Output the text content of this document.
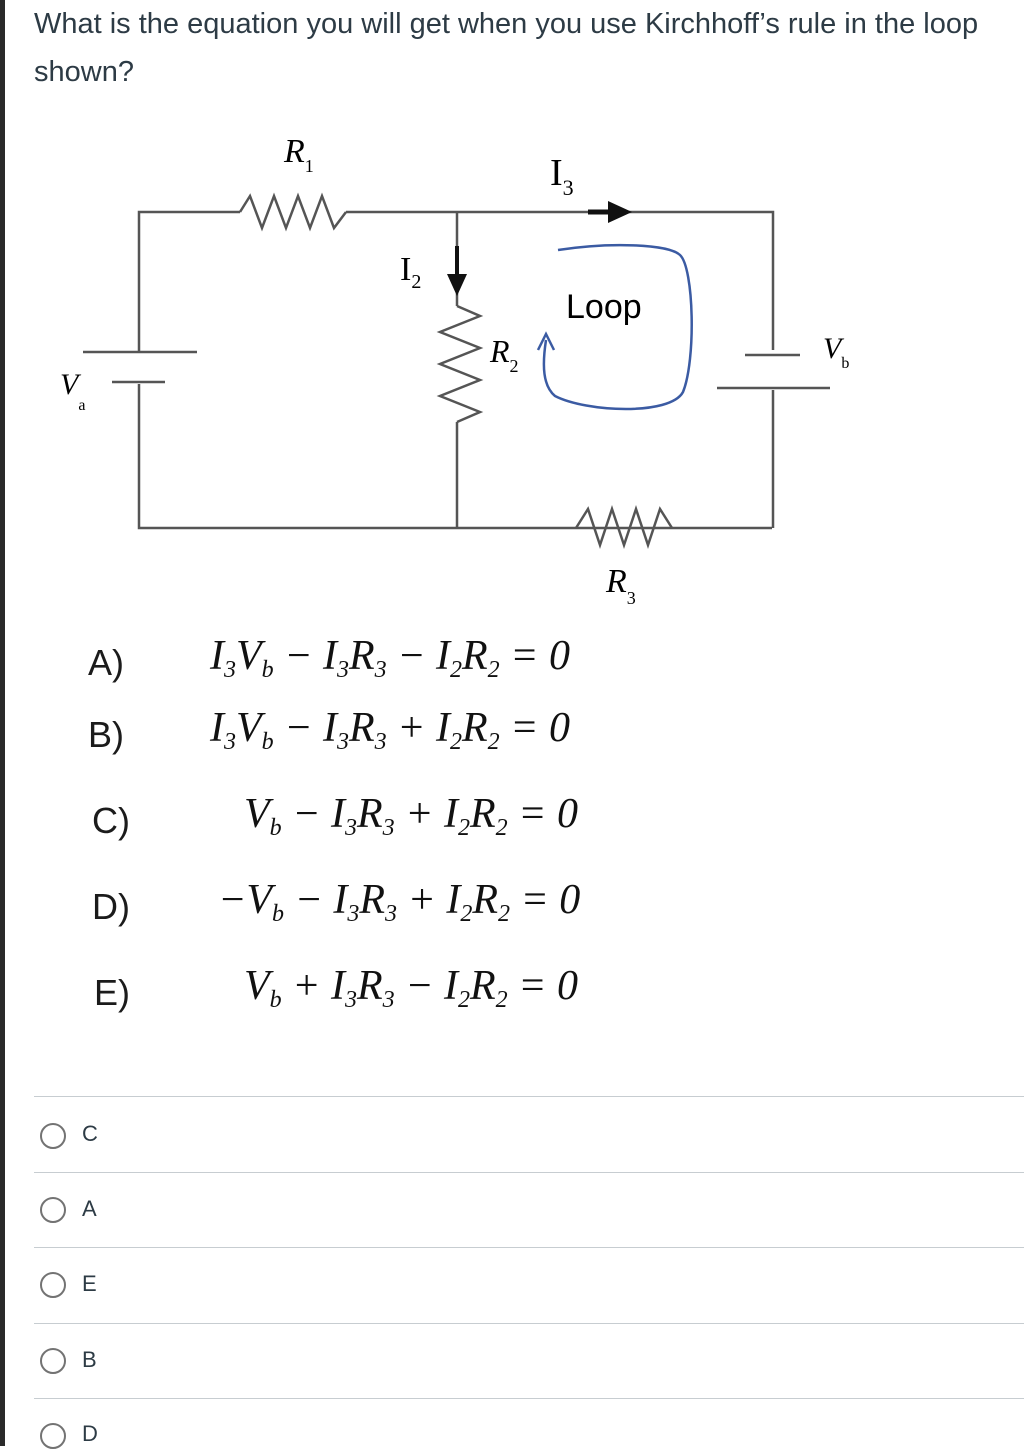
What is the equation you will get when you use Kirchhoff’s rule in the loop shown?
$R_1$	$I_3$
$I_2$
Loop
$R_2$
$V_a$
$V_b$
$R_3$
A)	$I_3V_b - I_3R_3 - I_2R_2 = 0$
B)	$I_3V_b - I_3R_3 + I_2R_2 = 0$
C)	$V_b - I_3R_3 + I_2R_2 = 0$
D)	$-V_b - I_3R_3 + I_2R_2 = 0$
E)	$V_b + I_3R_3 - I_2R_2 = 0$
C
A
E
B
D
